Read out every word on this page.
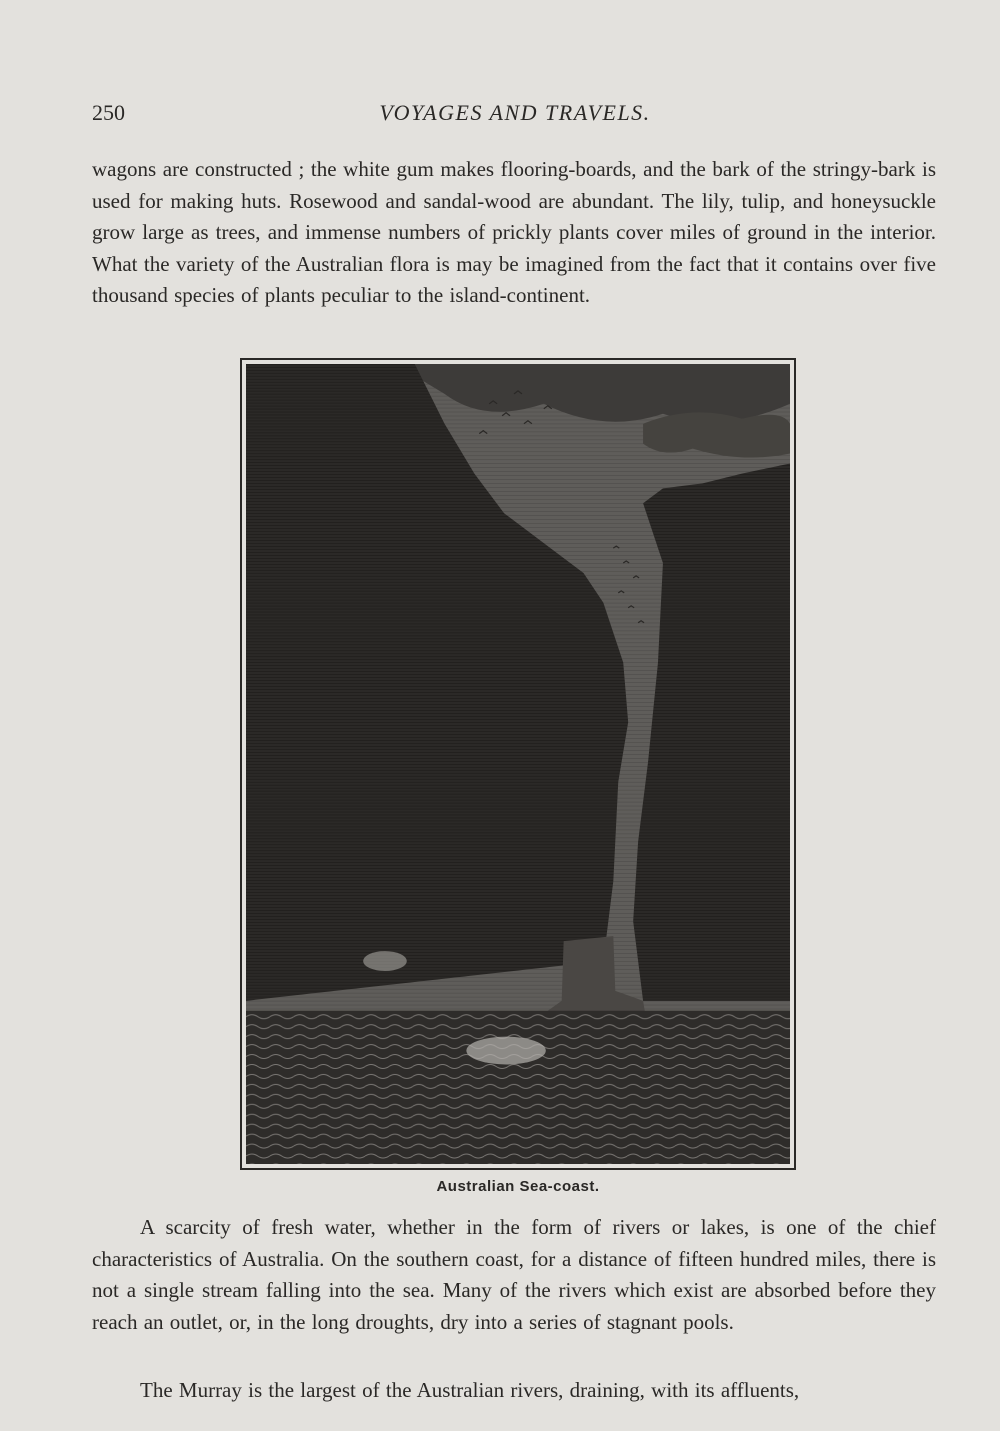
250	VOYAGES AND TRAVELS.

wagons are constructed ; the white gum makes flooring-boards, and the bark of the stringy-bark is used for making huts. Rosewood and sandal-wood are abundant. The lily, tulip, and honeysuckle grow large as trees, and immense numbers of prickly plants cover miles of ground in the interior. What the variety of the Australian flora is may be imagined from the fact that it contains over five thousand species of plants peculiar to the island-continent.

Australian Sea-coast.

A scarcity of fresh water, whether in the form of rivers or lakes, is one of the chief characteristics of Australia. On the southern coast, for a distance of fifteen hundred miles, there is not a single stream falling into the sea. Many of the rivers which exist are absorbed before they reach an outlet, or, in the long droughts, dry into a series of stagnant pools.

The Murray is the largest of the Australian rivers, draining, with its affluents,
